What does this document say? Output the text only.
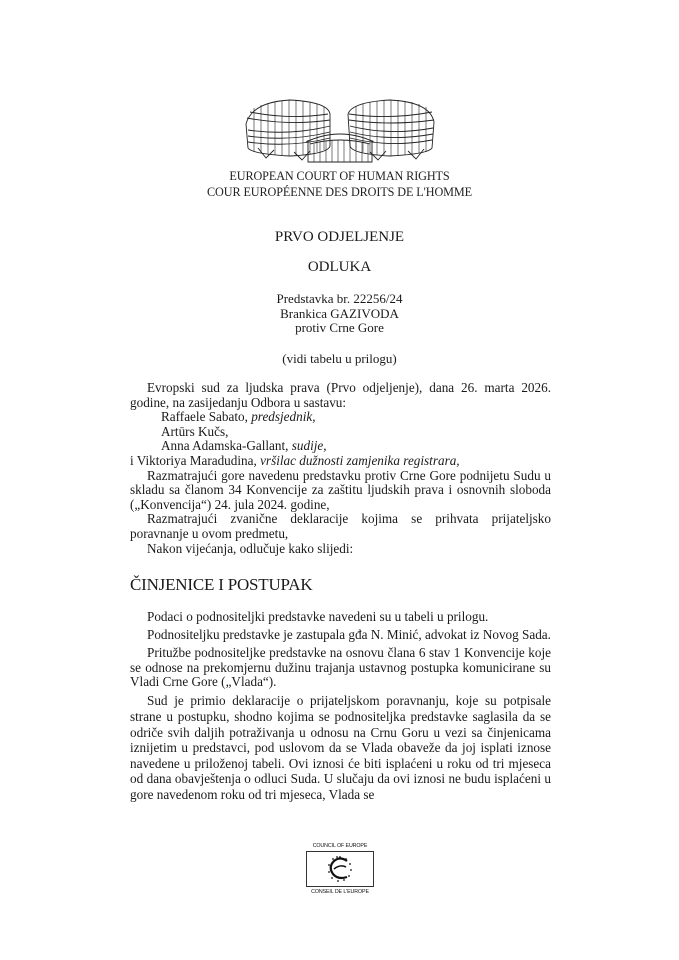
EUROPEAN COURT OF HUMAN RIGHTS
COUR EUROPÉENNE DES DROITS DE L'HOMME
PRVO ODJELJENJE
ODLUKA
Predstavka br. 22256/24
Brankica GAZIVODA
protiv Crne Gore
(vidi tabelu u prilogu)

Evropski sud za ljudska prava (Prvo odjeljenje), dana 26. marta 2026. godine, na zasijedanju Odbora u sastavu:

Raffaele Sabato, predsjednik,

Artūrs Kučs,

Anna Adamska-Gallant, sudije,

i Viktoriya Maradudina, vršilac dužnosti zamjenika registrara,

Razmatrajući gore navedenu predstavku protiv Crne Gore podnijetu Sudu u skladu sa članom 34 Konvencije za zaštitu ljudskih prava i osnovnih sloboda („Konvencija“) 24. jula 2024. godine,

Razmatrajući zvanične deklaracije kojima se prihvata prijateljsko poravnanje u ovom predmetu,

Nakon vijećanja, odlučuje kako slijedi:

ČINJENICE I POSTUPAK

Podaci o podnositeljki predstavke navedeni su u tabeli u prilogu.

Podnositeljku predstavke je zastupala gđa N. Minić, advokat iz Novog Sada.

Pritužbe podnositeljke predstavke na osnovu člana 6 stav 1 Konvencije koje se odnose na prekomjernu dužinu trajanja ustavnog postupka komunicirane su Vladi Crne Gore („Vlada“).

Sud je primio deklaracije o prijateljskom poravnanju, koje su potpisale strane u postupku, shodno kojima se podnositeljka predstavke saglasila da se odriče svih daljih potraživanja u odnosu na Crnu Goru u vezi sa činjenicama iznijetim u predstavci, pod uslovom da se Vlada obaveže da joj isplati iznose navedene u priloženoj tabeli. Ovi iznosi će biti isplaćeni u roku od tri mjeseca od dana obavještenja o odluci Suda. U slučaju da ovi iznosi ne budu isplaćeni u gore navedenom roku od tri mjeseca, Vlada se

COUNCIL OF EUROPE
CONSEIL DE L'EUROPE
